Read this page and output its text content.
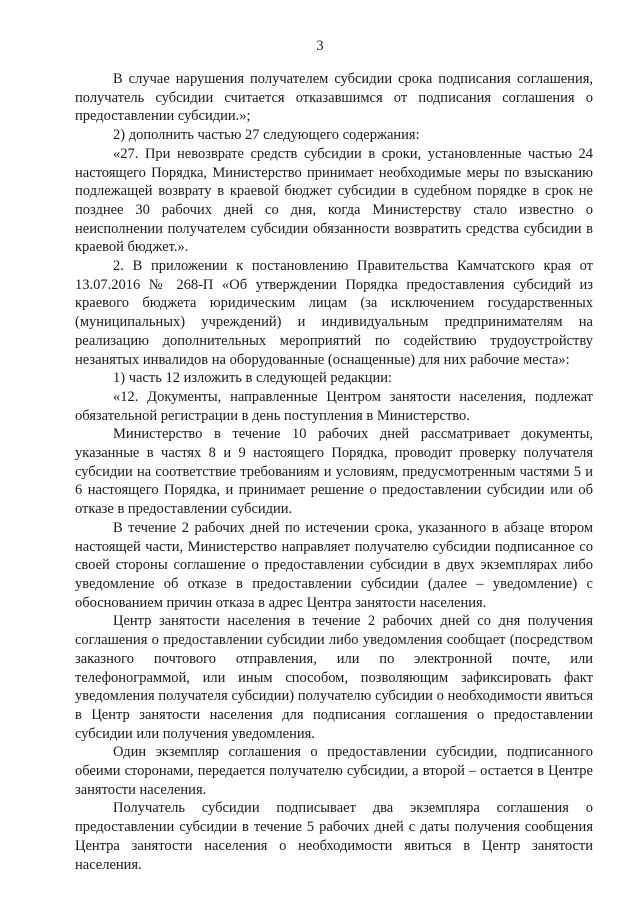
3

В случае нарушения получателем субсидии срока подписания соглашения, получатель субсидии считается отказавшимся от подписания соглашения о предоставлении субсидии.»;

2) дополнить частью 27 следующего содержания:

«27. При невозврате средств субсидии в сроки, установленные частью 24 настоящего Порядка, Министерство принимает необходимые меры по взысканию подлежащей возврату в краевой бюджет субсидии в судебном порядке в срок не позднее 30 рабочих дней со дня, когда Министерству стало известно о неисполнении получателем субсидии обязанности возвратить средства субсидии в краевой бюджет.».

2. В приложении к постановлению Правительства Камчатского края от 13.07.2016 № 268-П «Об утверждении Порядка предоставления субсидий из краевого бюджета юридическим лицам (за исключением государственных (муниципальных) учреждений) и индивидуальным предпринимателям на реализацию дополнительных мероприятий по содействию трудоустройству незанятых инвалидов на оборудованные (оснащенные) для них рабочие места»:

1) часть 12 изложить в следующей редакции:

«12. Документы, направленные Центром занятости населения, подлежат обязательной регистрации в день поступления в Министерство.

Министерство в течение 10 рабочих дней рассматривает документы, указанные в частях 8 и 9 настоящего Порядка, проводит проверку получателя субсидии на соответствие требованиям и условиям, предусмотренным частями 5 и 6 настоящего Порядка, и принимает решение о предоставлении субсидии или об отказе в предоставлении субсидии.

В течение 2 рабочих дней по истечении срока, указанного в абзаце втором настоящей части, Министерство направляет получателю субсидии подписанное со своей стороны соглашение о предоставлении субсидии в двух экземплярах либо уведомление об отказе в предоставлении субсидии (далее – уведомление) с обоснованием причин отказа в адрес Центра занятости населения.

Центр занятости населения в течение 2 рабочих дней со дня получения соглашения о предоставлении субсидии либо уведомления сообщает (посредством заказного почтового отправления, или по электронной почте, или телефонограммой, или иным способом, позволяющим зафиксировать факт уведомления получателя субсидии) получателю субсидии о необходимости явиться в Центр занятости населения для подписания соглашения о предоставлении субсидии или получения уведомления.

Один экземпляр соглашения о предоставлении субсидии, подписанного обеими сторонами, передается получателю субсидии, а второй – остается в Центре занятости населения.

Получатель субсидии подписывает два экземпляра соглашения о предоставлении субсидии в течение 5 рабочих дней с даты получения сообщения Центра занятости населения о необходимости явиться в Центр занятости населения.
